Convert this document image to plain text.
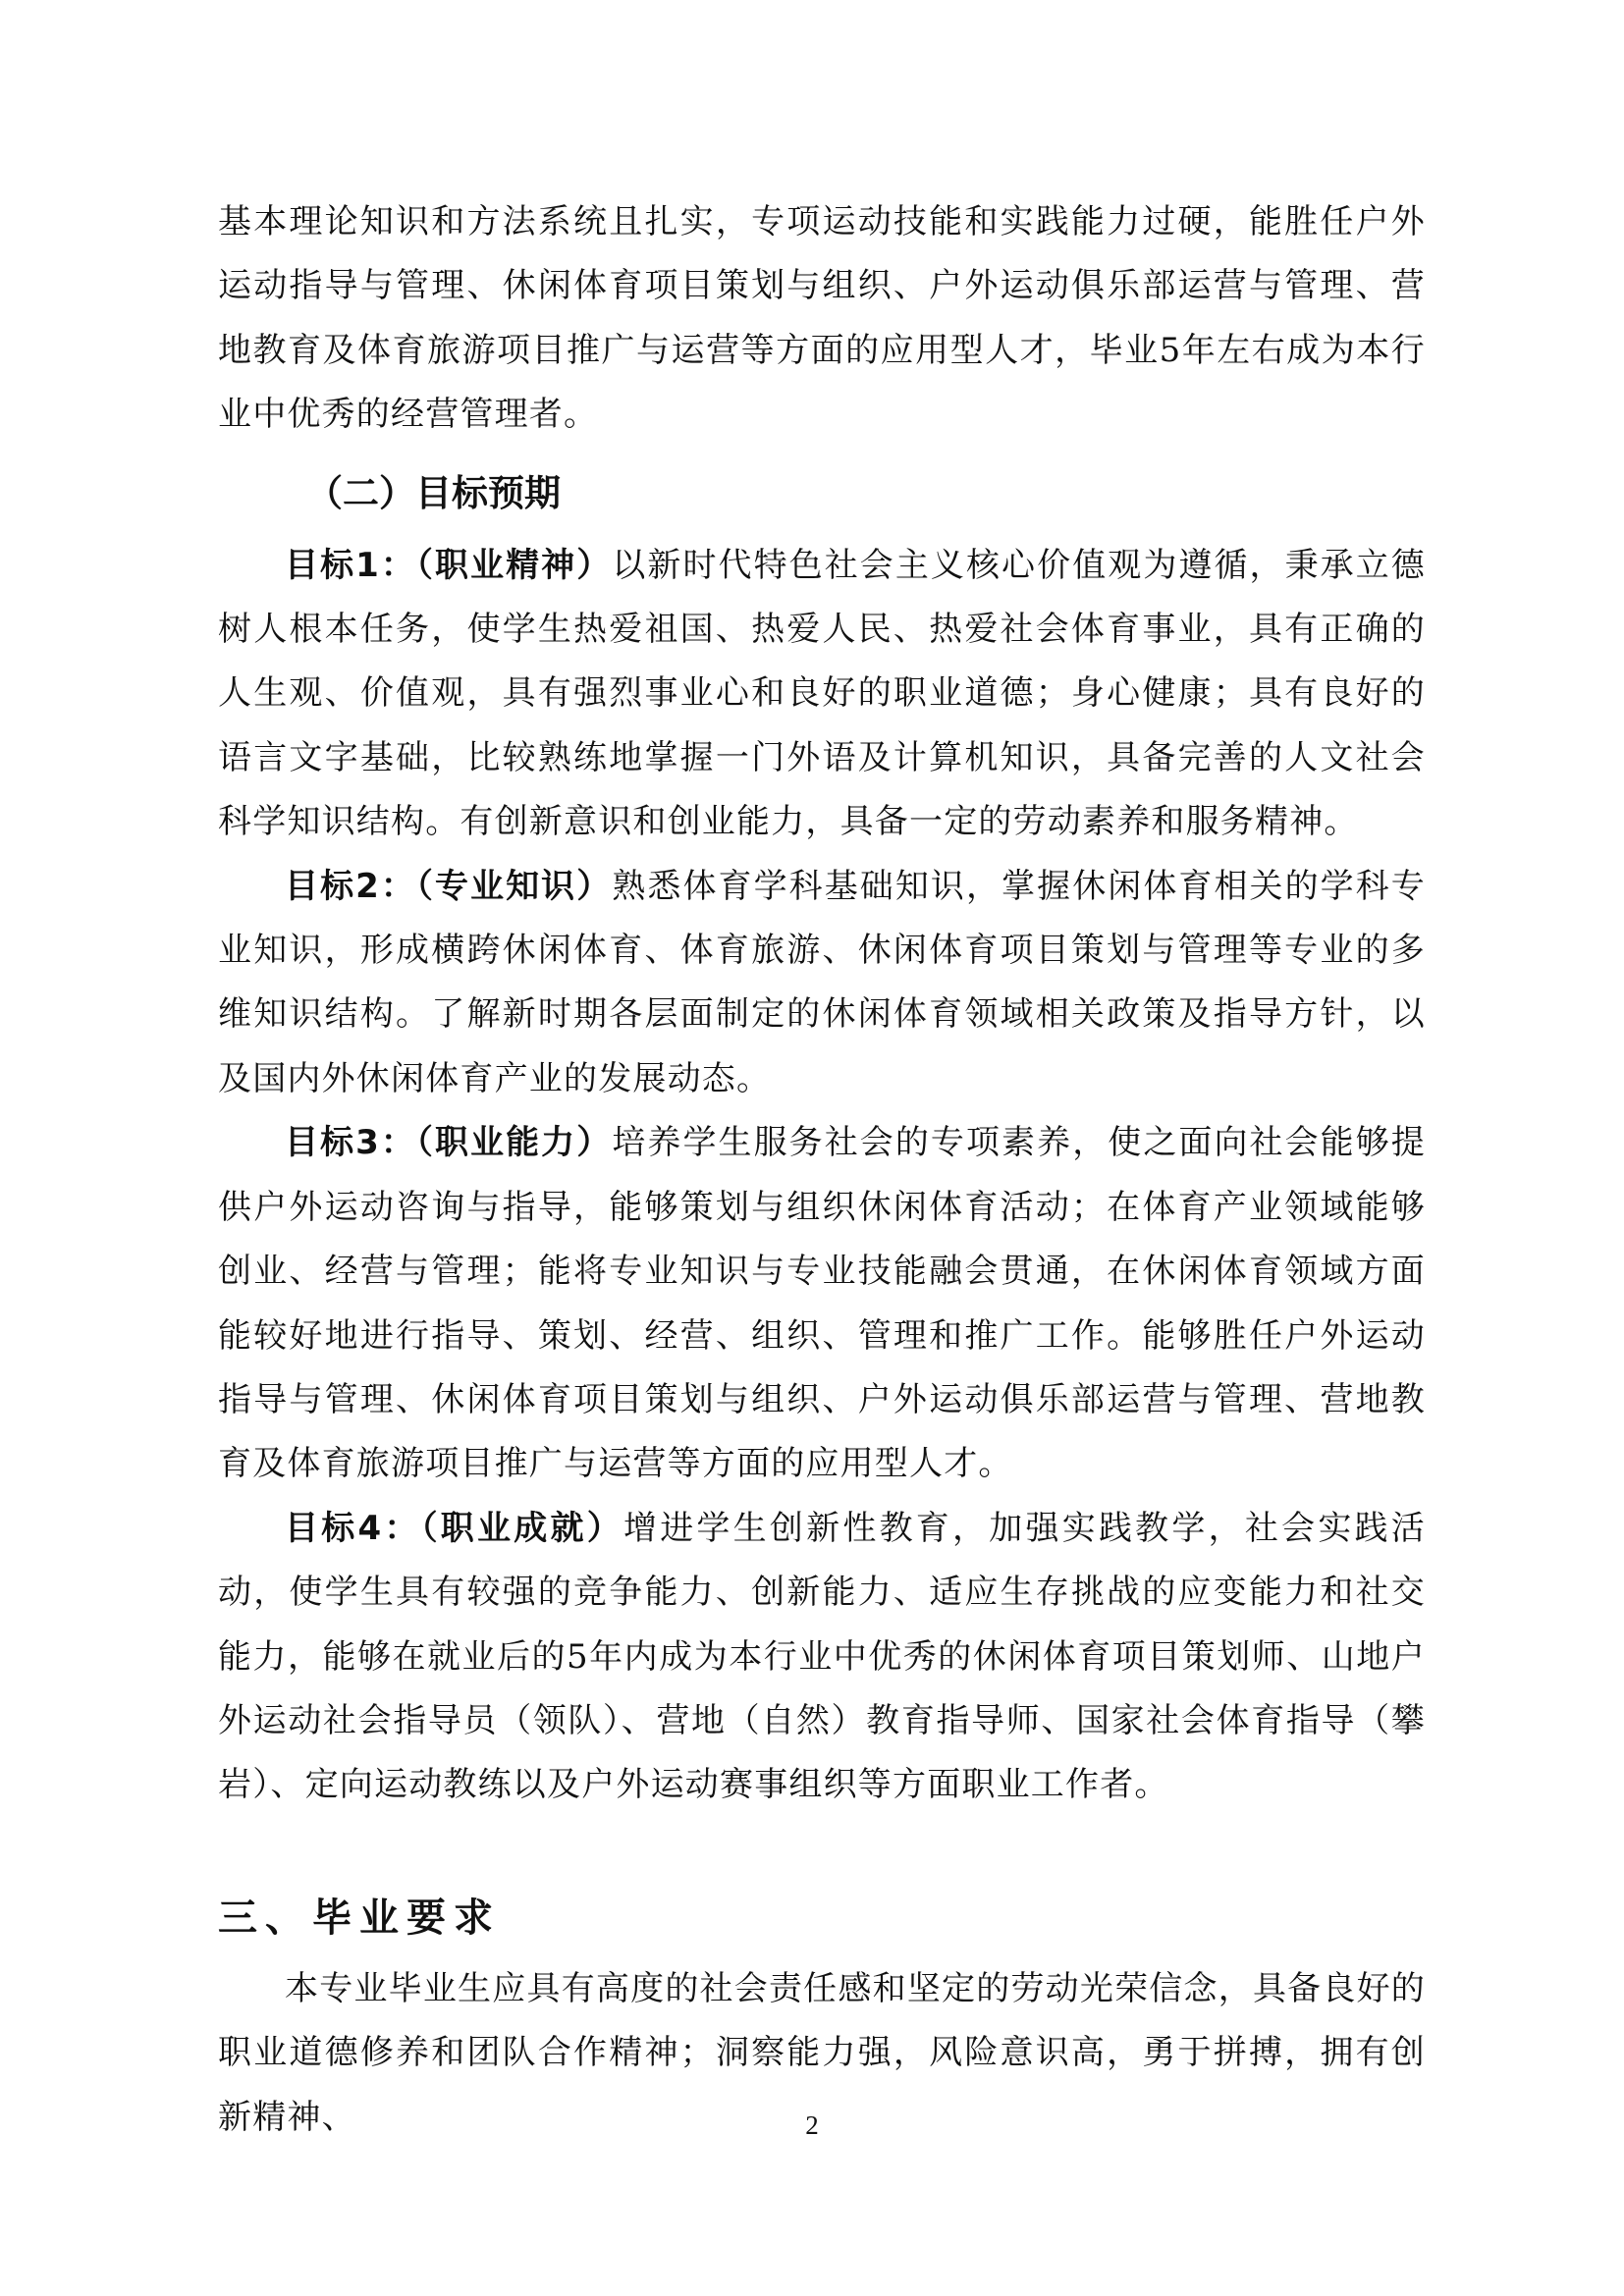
基本理论知识和方法系统且扎实，专项运动技能和实践能力过硬，能胜任户外运动指导与管理、休闲体育项目策划与组织、户外运动俱乐部运营与管理、营地教育及体育旅游项目推广与运营等方面的应用型人才，毕业5年左右成为本行业中优秀的经营管理者。

（二）目标预期

目标1：（职业精神）以新时代特色社会主义核心价值观为遵循，秉承立德树人根本任务，使学生热爱祖国、热爱人民、热爱社会体育事业，具有正确的人生观、价值观，具有强烈事业心和良好的职业道德；身心健康；具有良好的语言文字基础，比较熟练地掌握一门外语及计算机知识，具备完善的人文社会科学知识结构。有创新意识和创业能力，具备一定的劳动素养和服务精神。

目标2：（专业知识）熟悉体育学科基础知识，掌握休闲体育相关的学科专业知识，形成横跨休闲体育、体育旅游、休闲体育项目策划与管理等专业的多维知识结构。了解新时期各层面制定的休闲体育领域相关政策及指导方针，以及国内外休闲体育产业的发展动态。

目标3：（职业能力）培养学生服务社会的专项素养，使之面向社会能够提供户外运动咨询与指导，能够策划与组织休闲体育活动；在体育产业领域能够创业、经营与管理；能将专业知识与专业技能融会贯通，在休闲体育领域方面能较好地进行指导、策划、经营、组织、管理和推广工作。能够胜任户外运动指导与管理、休闲体育项目策划与组织、户外运动俱乐部运营与管理、营地教育及体育旅游项目推广与运营等方面的应用型人才。

目标4：（职业成就）增进学生创新性教育，加强实践教学，社会实践活动，使学生具有较强的竞争能力、创新能力、适应生存挑战的应变能力和社交能力，能够在就业后的5年内成为本行业中优秀的休闲体育项目策划师、山地户外运动社会指导员（领队）、营地（自然）教育指导师、国家社会体育指导（攀岩）、定向运动教练以及户外运动赛事组织等方面职业工作者。

三、毕业要求

本专业毕业生应具有高度的社会责任感和坚定的劳动光荣信念，具备良好的职业道德修养和团队合作精神；洞察能力强，风险意识高，勇于拼搏，拥有创新精神、	2
